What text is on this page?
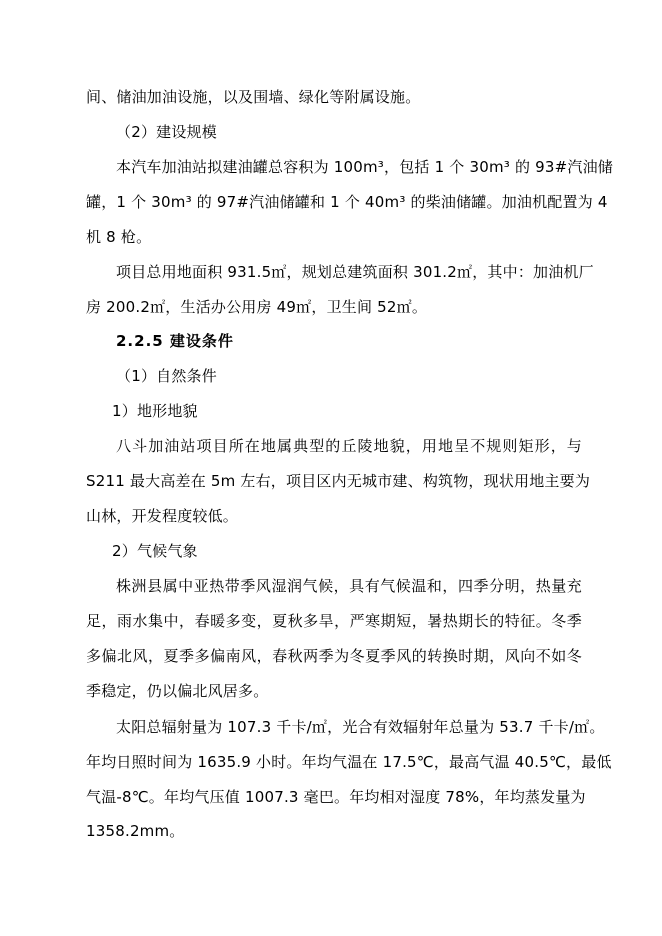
间、储油加油设施，以及围墙、绿化等附属设施。
（2）建设规模
本汽车加油站拟建油罐总容积为 100m³，包括 1 个 30m³ 的 93#汽油储
罐，1 个 30m³ 的 97#汽油储罐和 1 个 40m³ 的柴油储罐。加油机配置为 4
机 8 枪。
项目总用地面积 931.5㎡，规划总建筑面积 301.2㎡，其中：加油机厂
房 200.2㎡，生活办公用房 49㎡，卫生间 52㎡。
2.2.5 建设条件
（1）自然条件
1）地形地貌
八斗加油站项目所在地属典型的丘陵地貌，用地呈不规则矩形，与
S211 最大高差在 5m 左右，项目区内无城市建、构筑物，现状用地主要为
山林，开发程度较低。
2）气候气象
株洲县属中亚热带季风湿润气候，具有气候温和，四季分明，热量充
足，雨水集中，春暖多变，夏秋多旱，严寒期短，暑热期长的特征。冬季
多偏北风，夏季多偏南风，春秋两季为冬夏季风的转换时期，风向不如冬
季稳定，仍以偏北风居多。
太阳总辐射量为 107.3 千卡/㎡，光合有效辐射年总量为 53.7 千卡/㎡。
年均日照时间为 1635.9 小时。年均气温在 17.5℃，最高气温 40.5℃，最低
气温-8℃。年均气压值 1007.3 毫巴。年均相对湿度 78%，年均蒸发量为
1358.2mm。
